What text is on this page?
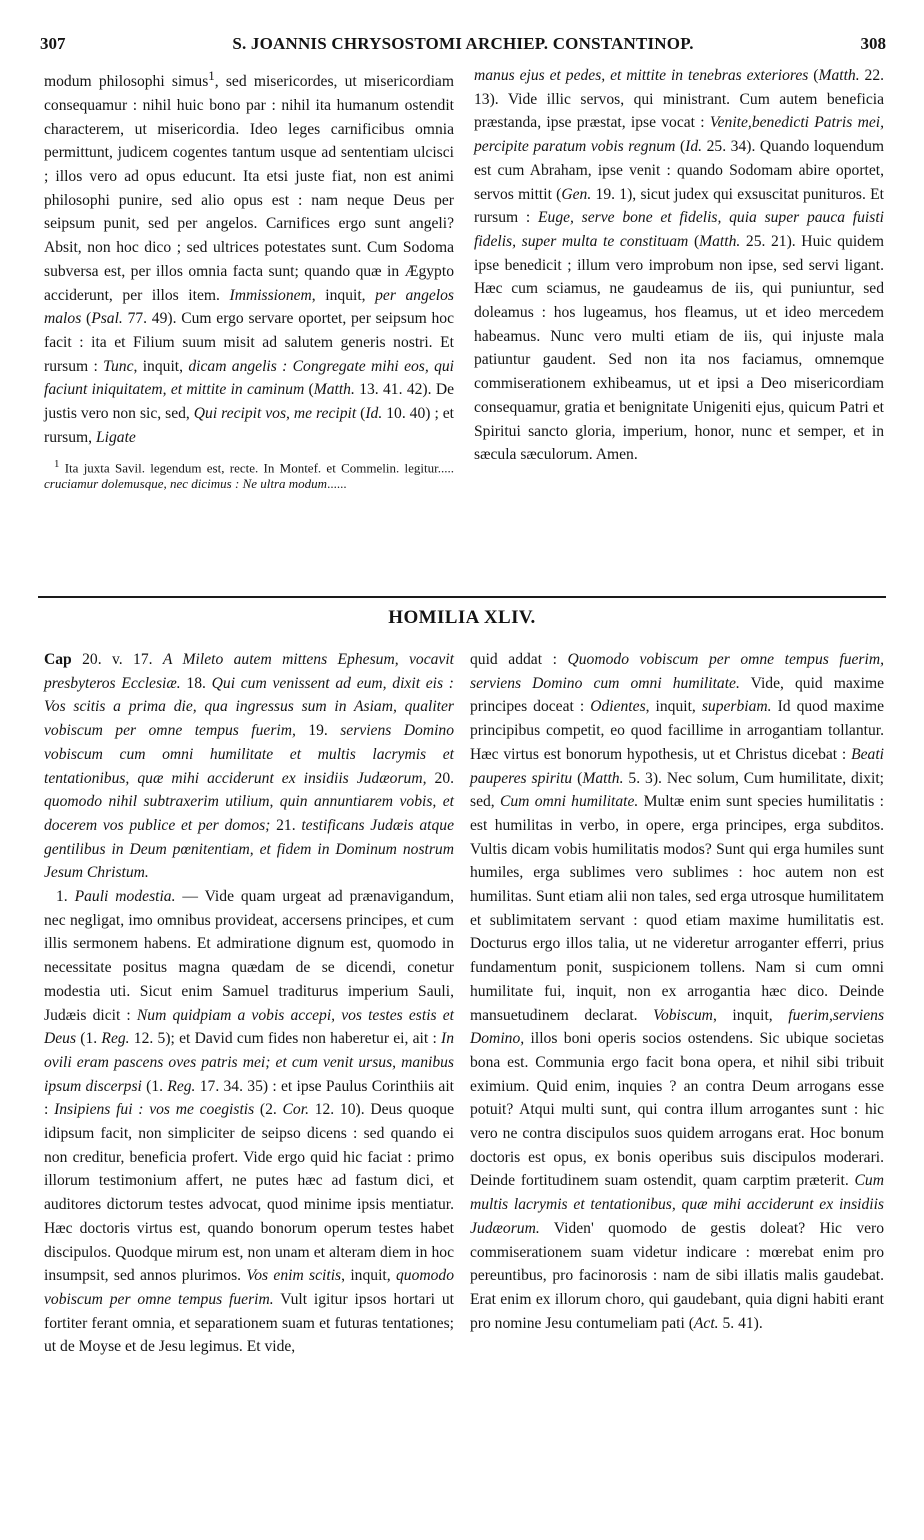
307	S. JOANNIS CHRYSOSTOMI ARCHIEP. CONSTANTINOP.	308

modum philosophi simus$^1$, sed misericordes, ut misericordiam consequamur : nihil huic bono par : nihil ita humanum ostendit characterem, ut misericordia. Ideo leges carnificibus omnia permittunt, judicem cogentes tantum usque ad sententiam ulcisci ; illos vero ad opus educunt. Ita etsi juste fiat, non est animi philosophi punire, sed alio opus est : nam neque Deus per seipsum punit, sed per angelos. Carnifices ergo sunt angeli? Absit, non hoc dico ; sed ultrices potestates sunt. Cum Sodoma subversa est, per illos omnia facta sunt; quando quæ in Ægypto acciderunt, per illos item. Immissionem, inquit, per angelos malos (Psal. 77. 49). Cum ergo servare oportet, per seipsum hoc facit : ita et Filium suum misit ad salutem generis nostri. Et rursum : Tunc, inquit, dicam angelis : Congregate mihi eos, qui faciunt iniquitatem, et mittite in caminum (Matth. 13. 41. 42). De justis vero non sic, sed, Qui recipit vos, me recipit (Id. 10. 40) ; et rursum, Ligate

$^1$ Ita juxta Savil. legendum est, recte. In Montef. et Commelin. legitur..... cruciamur dolemusque, nec dicimus : Ne ultra modum......

manus ejus et pedes, et mittite in tenebras exteriores (Matth. 22. 13). Vide illic servos, qui ministrant. Cum autem beneficia præstanda, ipse præstat, ipse vocat : Venite,benedicti Patris mei, percipite paratum vobis regnum (Id. 25. 34). Quando loquendum est cum Abraham, ipse venit : quando Sodomam abire oportet, servos mittit (Gen. 19. 1), sicut judex qui exsuscitat punituros. Et rursum : Euge, serve bone et fidelis, quia super pauca fuisti fidelis, super multa te constituam (Matth. 25. 21). Huic quidem ipse benedicit ; illum vero improbum non ipse, sed servi ligant. Hæc cum sciamus, ne gaudeamus de iis, qui puniuntur, sed doleamus : hos lugeamus, hos fleamus, ut et ideo mercedem habeamus. Nunc vero multi etiam de iis, qui injuste mala patiuntur gaudent. Sed non ita nos faciamus, omnemque commiserationem exhibeamus, ut et ipsi a Deo misericordiam consequamur, gratia et benignitate Unigeniti ejus, quicum Patri et Spiritui sancto gloria, imperium, honor, nunc et semper, et in sæcula sæculorum. Amen.

HOMILIA XLIV.

Cap 20. v. 17. A Mileto autem mittens Ephesum, vocavit presbyteros Ecclesiæ. 18. Qui cum venissent ad eum, dixit eis : Vos scitis a prima die, qua ingressus sum in Asiam, qualiter vobiscum per omne tempus fuerim, 19. serviens Domino vobiscum cum omni humilitate et multis lacrymis et tentationibus, quæ mihi acciderunt ex insidiis Judæorum, 20. quomodo nihil subtraxerim utilium, quin annuntiarem vobis, et docerem vos publice et per domos; 21. testificans Judæis atque gentilibus in Deum pœnitentiam, et fidem in Dominum nostrum Jesum Christum.

1. Pauli modestia. — Vide quam urgeat ad prænavigandum, nec negligat, imo omnibus provideat, accersens principes, et cum illis sermonem habens. Et admiratione dignum est, quomodo in necessitate positus magna quædam de se dicendi, conetur modestia uti. Sicut enim Samuel traditurus imperium Sauli, Judæis dicit : Num quidpiam a vobis accepi, vos testes estis et Deus (1. Reg. 12. 5); et David cum fides non haberetur ei, ait : In ovili eram pascens oves patris mei; et cum venit ursus, manibus ipsum discerpsi (1. Reg. 17. 34. 35) : et ipse Paulus Corinthiis ait : Insipiens fui : vos me coegistis (2. Cor. 12. 10). Deus quoque idipsum facit, non simpliciter de seipso dicens : sed quando ei non creditur, beneficia profert. Vide ergo quid hic faciat : primo illorum testimonium affert, ne putes hæc ad fastum dici, et auditores dictorum testes advocat, quod minime ipsis mentiatur. Hæc doctoris virtus est, quando bonorum operum testes habet discipulos. Quodque mirum est, non unam et alteram diem in hoc insumpsit, sed annos plurimos. Vos enim scitis, inquit, quomodo vobiscum per omne tempus fuerim. Vult igitur ipsos hortari ut fortiter ferant omnia, et separationem suam et futuras tentationes; ut de Moyse et de Jesu legimus. Et vide,

quid addat : Quomodo vobiscum per omne tempus fuerim, serviens Domino cum omni humilitate. Vide, quid maxime principes doceat : Odientes, inquit, superbiam. Id quod maxime principibus competit, eo quod facillime in arrogantiam tollantur. Hæc virtus est bonorum hypothesis, ut et Christus dicebat : Beati pauperes spiritu (Matth. 5. 3). Nec solum, Cum humilitate, dixit; sed, Cum omni humilitate. Multæ enim sunt species humilitatis : est humilitas in verbo, in opere, erga principes, erga subditos. Vultis dicam vobis humilitatis modos? Sunt qui erga humiles sunt humiles, erga sublimes vero sublimes : hoc autem non est humilitas. Sunt etiam alii non tales, sed erga utrosque humilitatem et sublimitatem servant : quod etiam maxime humilitatis est. Docturus ergo illos talia, ut ne videretur arroganter efferri, prius fundamentum ponit, suspicionem tollens. Nam si cum omni humilitate fui, inquit, non ex arrogantia hæc dico. Deinde mansuetudinem declarat. Vobiscum, inquit, fuerim,serviens Domino, illos boni operis socios ostendens. Sic ubique societas bona est. Communia ergo facit bona opera, et nihil sibi tribuit eximium. Quid enim, inquies ? an contra Deum arrogans esse potuit? Atqui multi sunt, qui contra illum arrogantes sunt : hic vero ne contra discipulos suos quidem arrogans erat. Hoc bonum doctoris est opus, ex bonis operibus suis discipulos moderari. Deinde fortitudinem suam ostendit, quam carptim præterit. Cum multis lacrymis et tentationibus, quæ mihi acciderunt ex insidiis Judæorum. Viden' quomodo de gestis doleat? Hic vero commiserationem suam videtur indicare : mœrebat enim pro pereuntibus, pro facinorosis : nam de sibi illatis malis gaudebat. Erat enim ex illorum choro, qui gaudebant, quia digni habiti erant pro nomine Jesu contumeliam pati (Act. 5. 41).
